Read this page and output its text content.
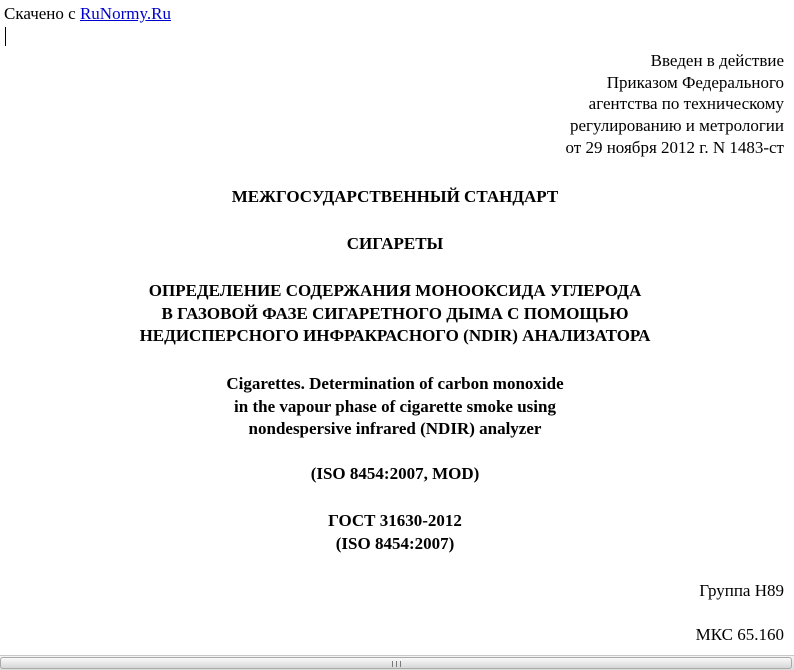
Скачено с RuNormy.Ru
Введен в действие
Приказом Федерального
агентства по техническому
регулированию и метрологии
от 29 ноября 2012 г. N 1483-ст
МЕЖГОСУДАРСТВЕННЫЙ СТАНДАРТ
СИГАРЕТЫ
ОПРЕДЕЛЕНИЕ СОДЕРЖАНИЯ МОНООКСИДА УГЛЕРОДА
В ГАЗОВОЙ ФАЗЕ СИГАРЕТНОГО ДЫМА С ПОМОЩЬЮ
НЕДИСПЕРСНОГО ИНФРАКРАСНОГО (NDIR) АНАЛИЗАТОРА
Cigarettes. Determination of carbon monoxide
in the vapour phase of cigarette smoke using
nondespersive infrared (NDIR) analyzer
(ISO 8454:2007, MOD)
ГОСТ 31630-2012
(ISO 8454:2007)
Группа Н89
МКС 65.160
